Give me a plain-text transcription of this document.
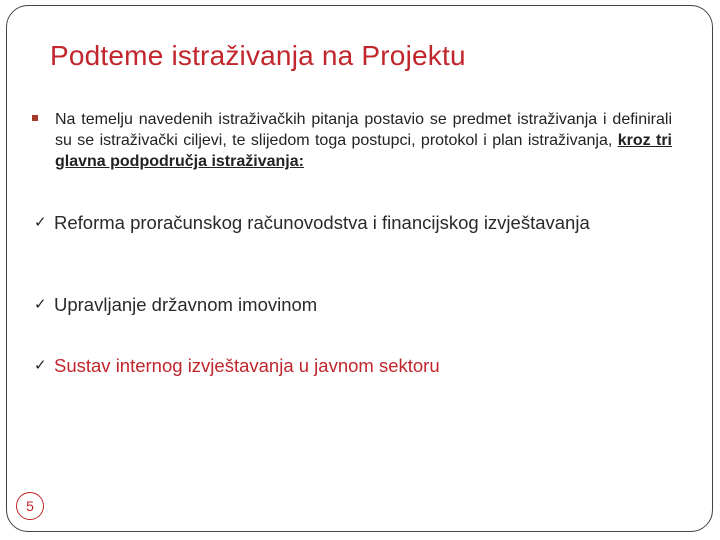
Podteme istraživanja na Projektu

Na temelju navedenih istraživačkih pitanja postavio se predmet istraživanja i definirali su se istraživački ciljevi, te slijedom toga postupci, protokol i plan istraživanja, kroz tri glavna podpodručja istraživanja:

✓ Reforma proračunskog računovodstva i financijskog izvještavanja
✓ Upravljanje državnom imovinom
✓ Sustav internog izvještavanja u javnom sektoru
5
